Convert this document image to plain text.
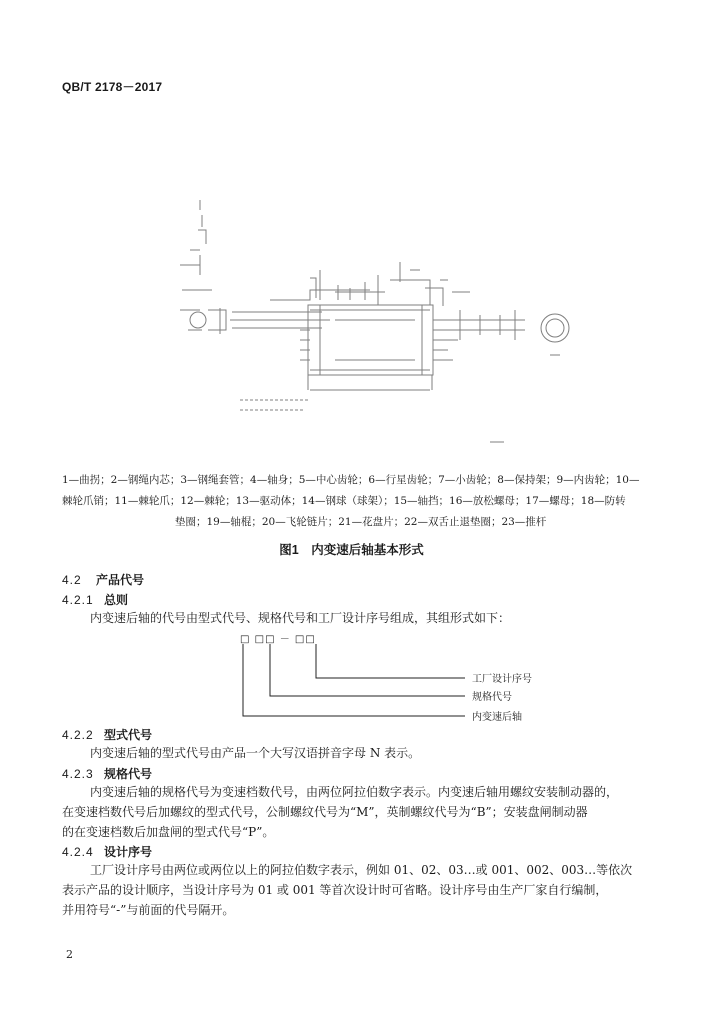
QB/T 2178－2017
1—曲拐；2—钢绳内芯；3—钢绳套管；4—轴身；5—中心齿轮；6—行星齿轮；7—小齿轮；8—保持架；9—内齿轮；10—
棘轮爪销；11—棘轮爪；12—棘轮；13—驱动体；14—钢球（球架）；15—轴挡；16—放松螺母；17—螺母；18—防转
垫圈；19—轴棍；20—飞轮链片；21—花盘片；22—双舌止退垫圈；23—推杆
图1　内变速后轴基本形式
4.2 产品代号
4.2.1 总则
内变速后轴的代号由型式代号、规格代号和工厂设计序号组成，其组形式如下：
□ □□ － □□
工厂设计序号
规格代号
内变速后轴
4.2.2 型式代号
内变速后轴的型式代号由产品一个大写汉语拼音字母 N 表示。
4.2.3 规格代号
内变速后轴的规格代号为变速档数代号，由两位阿拉伯数字表示。内变速后轴用螺纹安装制动器的，
在变速档数代号后加螺纹的型式代号，公制螺纹代号为“M”，英制螺纹代号为“B”；安装盘闸制动器
的在变速档数后加盘闸的型式代号“P”。
4.2.4 设计序号
工厂设计序号由两位或两位以上的阿拉伯数字表示，例如 01、02、03…或 001、002、003…等依次
表示产品的设计顺序，当设计序号为 01 或 001 等首次设计时可省略。设计序号由生产厂家自行编制，
并用符号“-”与前面的代号隔开。
2
